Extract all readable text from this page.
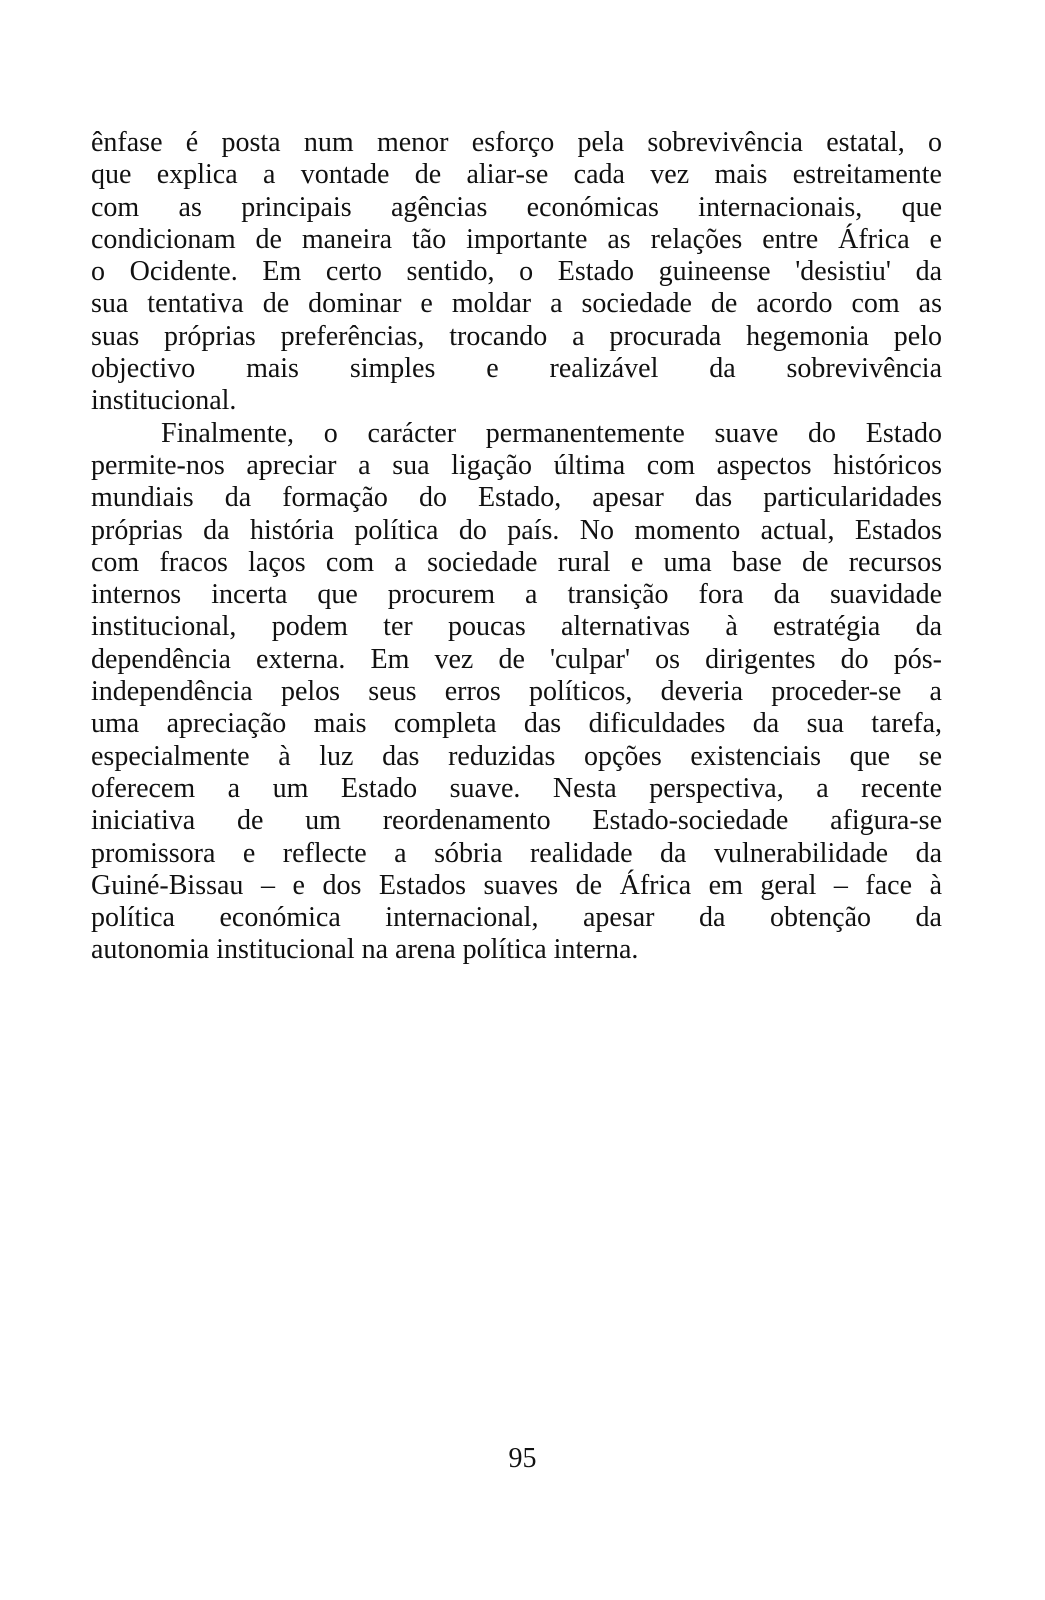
ênfase é posta num menor esforço pela sobrevivência estatal, o
que explica a vontade de aliar-se cada vez mais estreitamente
com as principais agências económicas internacionais, que
condicionam de maneira tão importante as relações entre África e
o Ocidente. Em certo sentido, o Estado guineense 'desistiu' da
sua tentativa de dominar e moldar a sociedade de acordo com as
suas próprias preferências, trocando a procurada hegemonia pelo
objectivo mais simples e realizável da sobrevivência
institucional.
Finalmente, o carácter permanentemente suave do Estado
permite-nos apreciar a sua ligação última com aspectos históricos
mundiais da formação do Estado, apesar das particularidades
próprias da história política do país. No momento actual, Estados
com fracos laços com a sociedade rural e uma base de recursos
internos incerta que procurem a transição fora da suavidade
institucional, podem ter poucas alternativas à estratégia da
dependência externa. Em vez de 'culpar' os dirigentes do pós-
independência pelos seus erros políticos, deveria proceder-se a
uma apreciação mais completa das dificuldades da sua tarefa,
especialmente à luz das reduzidas opções existenciais que se
oferecem a um Estado suave. Nesta perspectiva, a recente
iniciativa de um reordenamento Estado-sociedade afigura-se
promissora e reflecte a sóbria realidade da vulnerabilidade da
Guiné-Bissau – e dos Estados suaves de África em geral – face à
política económica internacional, apesar da obtenção da
autonomia institucional na arena política interna.
95
